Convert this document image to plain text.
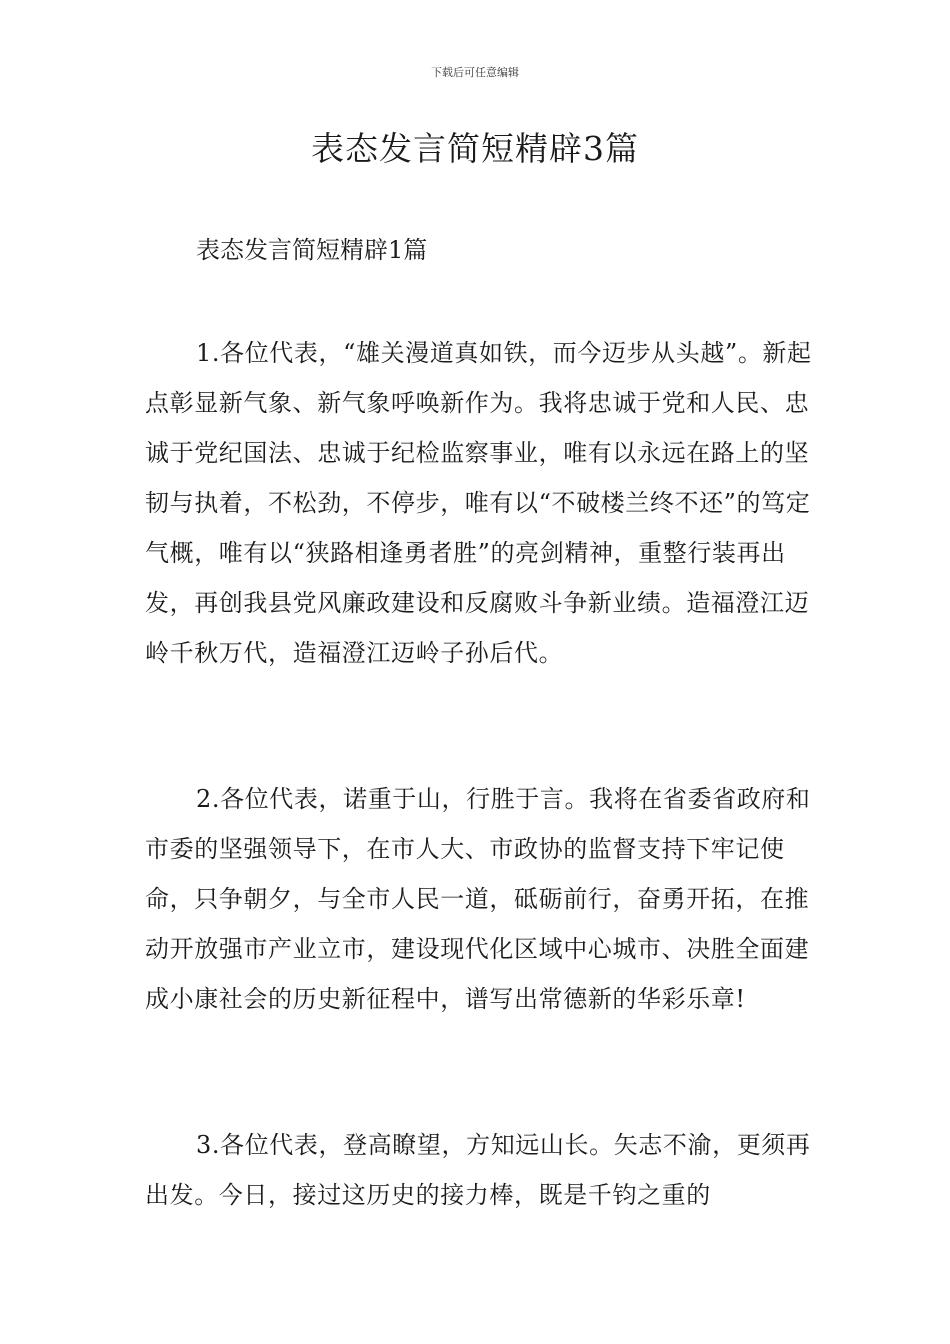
下载后可任意编辑
表态发言简短精辟3篇
表态发言简短精辟1篇

1.各位代表，“雄关漫道真如铁，而今迈步从头越”。新起点彰显新气象、新气象呼唤新作为。我将忠诚于党和人民、忠诚于党纪国法、忠诚于纪检监察事业，唯有以永远在路上的坚韧与执着，不松劲，不停步，唯有以“不破楼兰终不还”的笃定气概，唯有以“狭路相逢勇者胜”的亮剑精神，重整行装再出发，再创我县党风廉政建设和反腐败斗争新业绩。造福澄江迈岭千秋万代，造福澄江迈岭子孙后代。

2.各位代表，诺重于山，行胜于言。我将在省委省政府和市委的坚强领导下，在市人大、市政协的监督支持下牢记使命，只争朝夕，与全市人民一道，砥砺前行，奋勇开拓，在推动开放强市产业立市，建设现代化区域中心城市、决胜全面建成小康社会的历史新征程中，谱写出常德新的华彩乐章!

3.各位代表，登高瞭望，方知远山长。矢志不渝，更须再出发。今日，接过这历史的接力棒，既是千钧之重的
